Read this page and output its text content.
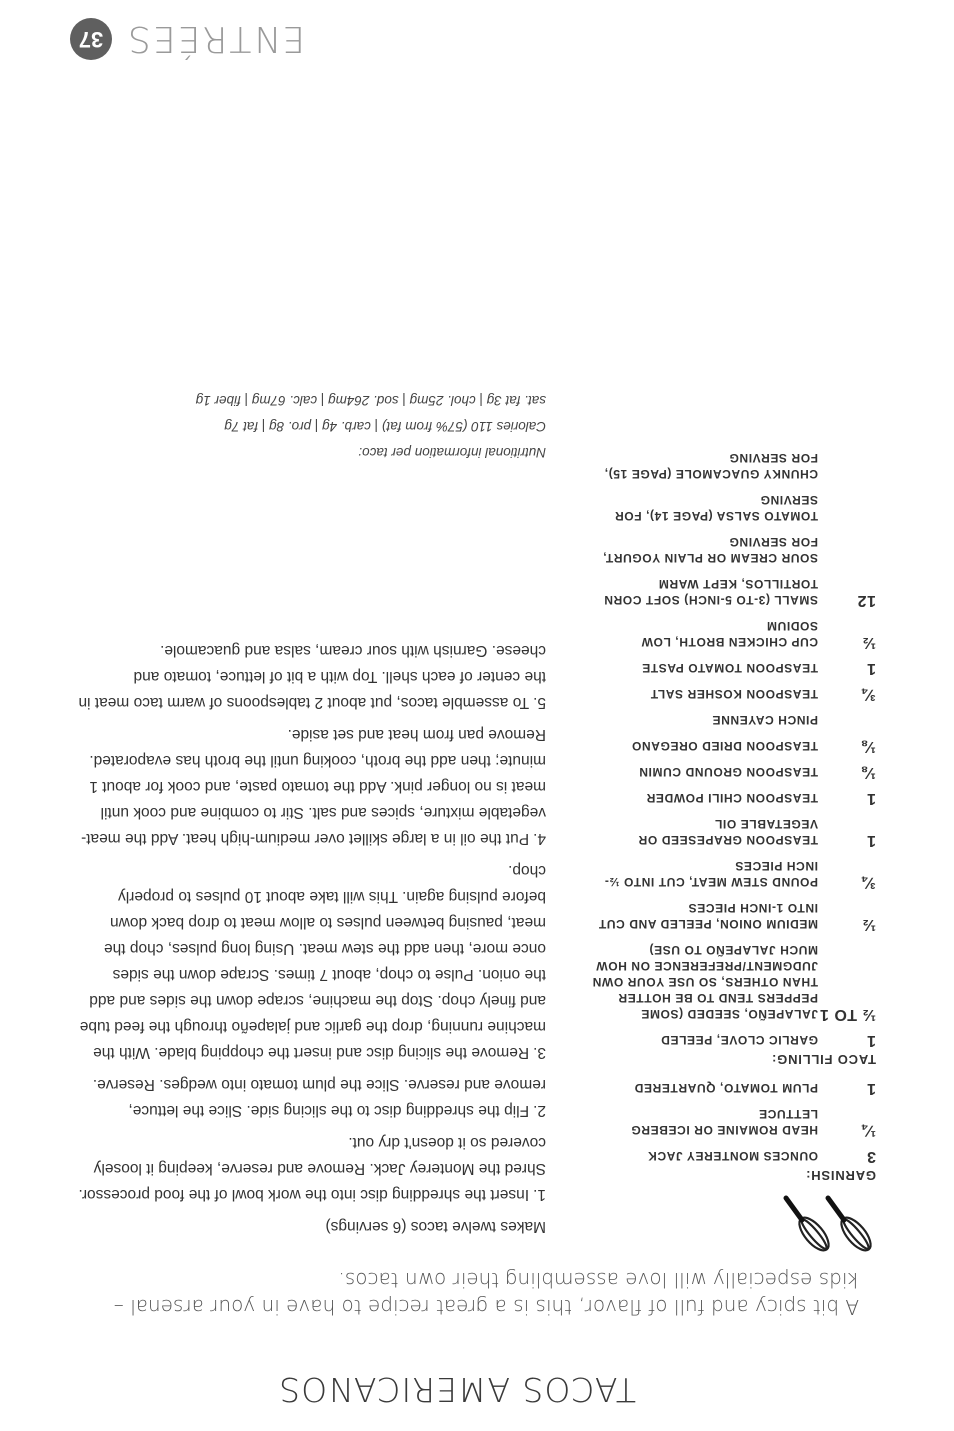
ENTRÉES
37
TACOS AMERICANOS

A bit spicy and full of flavor, this is a great recipe to have in your arsenal – kids especially will love assembling their own tacos.

GARNISH:
3
OUNCES MONTEREY JACK
¼
HEAD ROMAINE OR ICEBERG LETTUCE
1
PLUM TOMATO, QUARTERED
TACO FILLING:
1
GARLIC CLOVE, PEELED
½ TO 1
JALAPEÑO, SEEDED (SOME PEPPERS TEND TO BE HOTTER THAN OTHERS, SO USE YOUR OWN JUDGMENT/PREFERENCE ON HOW MUCH JALAPEÑO TO USE)
½
MEDIUM ONION, PEELED AND CUT INTO 1-INCH PIECES
¾
POUND STEW MEAT, CUT INTO ½-INCH PIECES
1
TEASPOON GRAPESEED OR VEGETABLE OIL
1
TEASPOON CHILI POWDER
⅛
TEASPOON GROUND CUMIN
⅛
TEASPOON DRIED OREGANO
PINCH CAYENNE
¾
TEASPOON KOSHER SALT
1
TEASPOON TOMATO PASTE
½
CUP CHICKEN BROTH, LOW SODIUM
12
SMALL (3-TO 5-INCH) SOFT CORN TORTILLOS, KEPT WARM
SOUR CREAM OR PLAIN YOGURT, FOR SERVING
TOMATO SALSA (PAGE 14), FOR SERVING
CHUNKY GUACAMOLE (PAGE 15), FOR SERVING

Makes twelve tacos (6 servings)

1.Insert the shredding disc into the work bowl of the food processor. Shred the Monterey Jack. Remove and reserve, keeping it loosely covered so it doesn't dry out.
2.Flip the shredding disc to the slicing side. Slice the lettuce, remove and reserve. Slice the plum tomato into wedges. Reserve.
3.Remove the slicing disc and insert the chopping blade. With the machine running, drop the garlic and jalapeño through the feed tube and finely chop. Stop the machine, scrape down the sides and add the onion. Pulse to chop, about 7 times. Scrape down the sides once more, then add the stew meat. Using long pulses, chop the meat, pausing between pulses to allow meat to drop back down before pulsing again. This will take about 10 pulses to properly chop.
4.Put the oil in a large skillet over medium-high heat. Add the meat-vegetable mixture, spices and salt. Stir to combine and cook until meat is no longer pink. Add the tomato paste, and cook for about 1 minute; then add the broth, cooking until the broth has evaporated. Remove pan from heat and set aside.
5.To assemble tacos, put about 2 tablespoons of warm taco meat in the center of each shell. Top with a bit of lettuce, tomato and cheese. Garnish with sour cream, salsa and guacamole.
Nutritional information per taco:
Calories 110 (57% from fat) | carb. 4g | pro. 8g | fat 7g
sat. fat 3g | chol. 25mg | sod. 264mg | calc. 67mg | fiber 1g
